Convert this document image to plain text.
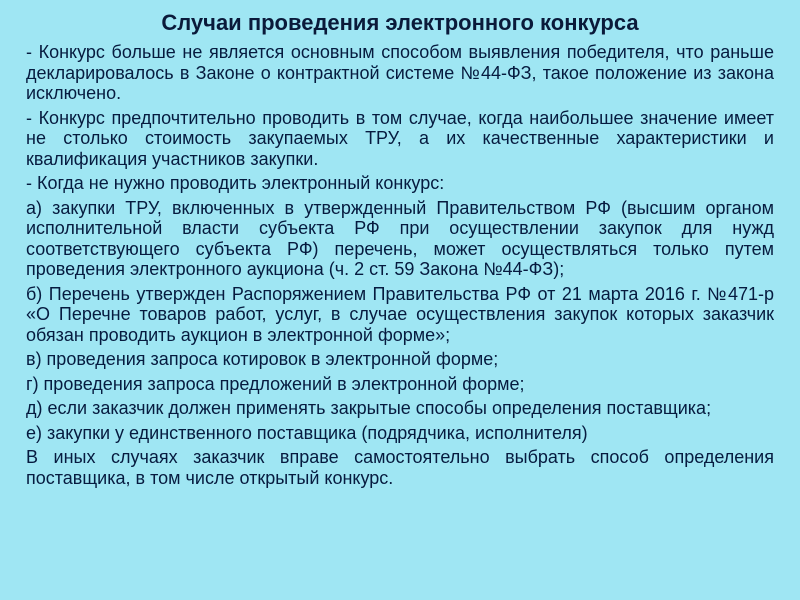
Случаи проведения электронного конкурса

- Конкурс больше не является основным способом выявления победителя, что раньше декларировалось в Законе о контрактной системе №44-ФЗ, такое положение из закона исключено.

- Конкурс предпочтительно проводить в том случае, когда наибольшее значение имеет не столько стоимость закупаемых ТРУ, а их качественные характеристики и квалификация участников закупки.

- Когда не нужно проводить электронный конкурс:

а) закупки ТРУ, включенных в утвержденный Правительством РФ (высшим органом исполнительной власти субъекта РФ при осуществлении закупок для нужд соответствующего субъекта РФ) перечень, может осуществляться только путем проведения электронного аукциона (ч. 2 ст. 59 Закона №44-ФЗ);

б) Перечень утвержден Распоряжением Правительства РФ от 21 марта 2016 г. №471-р «О Перечне товаров работ, услуг, в случае осуществления закупок которых заказчик обязан проводить аукцион в электронной форме»;

в) проведения запроса котировок в электронной форме;

г) проведения запроса предложений в электронной форме;

д) если заказчик должен применять закрытые способы определения поставщика;

е) закупки у единственного поставщика (подрядчика, исполнителя)

В иных случаях заказчик вправе самостоятельно выбрать способ определения поставщика, в том числе открытый конкурс.
